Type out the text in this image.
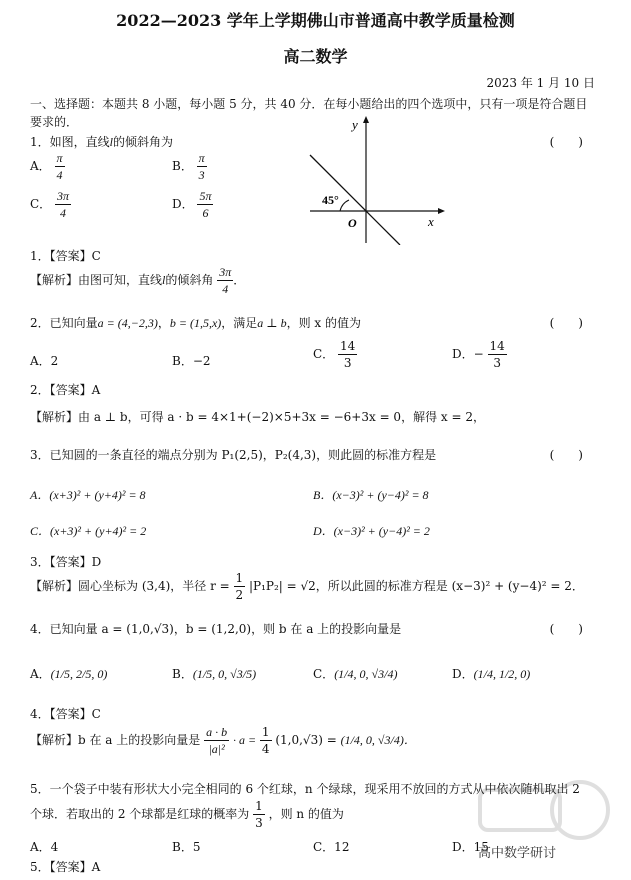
2022—2023 学年上学期佛山市普通高中教学质量检测
高二数学
2023 年 1 月 10 日
一、选择题：本题共 8 小题，每小题 5 分，共 40 分．在每小题给出的四个选项中，只有一项是符合题目
要求的．
1．如图，直线l的倾斜角为	(　　)
A． $\frac{\pi}{4}$	B． $\frac{\pi}{3}$
C． $\frac{3\pi}{4}$	D． $\frac{5\pi}{6}$	45°
O	x
y
1．【答案】C
【解析】由图可知，直线l的倾斜角 $\frac{3\pi}{4}$ ．
2．已知向量a = (4,−2,3)，b = (1,5,x)，满足a ⊥ b，则 x 的值为	(　　)
A．2	B．−2	C． $\frac{14}{3}$	D．− $\frac{14}{3}$
2．【答案】A
【解析】由 a ⊥ b，可得 a · b = 4×1+(−2)×5+3x = −6+3x = 0，解得 x = 2，
3．已知圆的一条直径的端点分别为 P₁(2,5)，P₂(4,3)，则此圆的标准方程是	(　　)
A．(x+3)² + (y+4)² = 8	B．(x−3)² + (y−4)² = 8
C．(x+3)² + (y+4)² = 2	D．(x−3)² + (y−4)² = 2
3．【答案】D
【解析】圆心坐标为 (3,4)，半径 $r = \frac{1}{2} |P_1P_2| = √2$，所以此圆的标准方程是 (x−3)² + (y−4)² = 2．
4．已知向量 a = (1,0,√3)，b = (1,2,0)，则 b 在 a 上的投影向量是	(　　)
A．(1/5, 2/5, 0)	B．(1/5, 0, √3/5)	C．(1/4, 0, √3/4)	D．(1/4, 1/2, 0)
4．【答案】C
【解析】b 在 a 上的投影向量是 $\frac{a \cdot b}{\text{|a|²}} \cdot a = \frac{1}{4} (1,0,√3) = (1/4$, 0, √3/4)．
5．一个袋子中装有形状大小完全相同的 6 个红球，n 个绿球，现采用不放回的方式从中依次随机取出 2
个球．若取出的 2 个球都是红球的概率为 $\frac{1}{3}$ ，则 n 的值为
A．4	B．5	C．12	D．15
5．【答案】A
高中数学研讨
